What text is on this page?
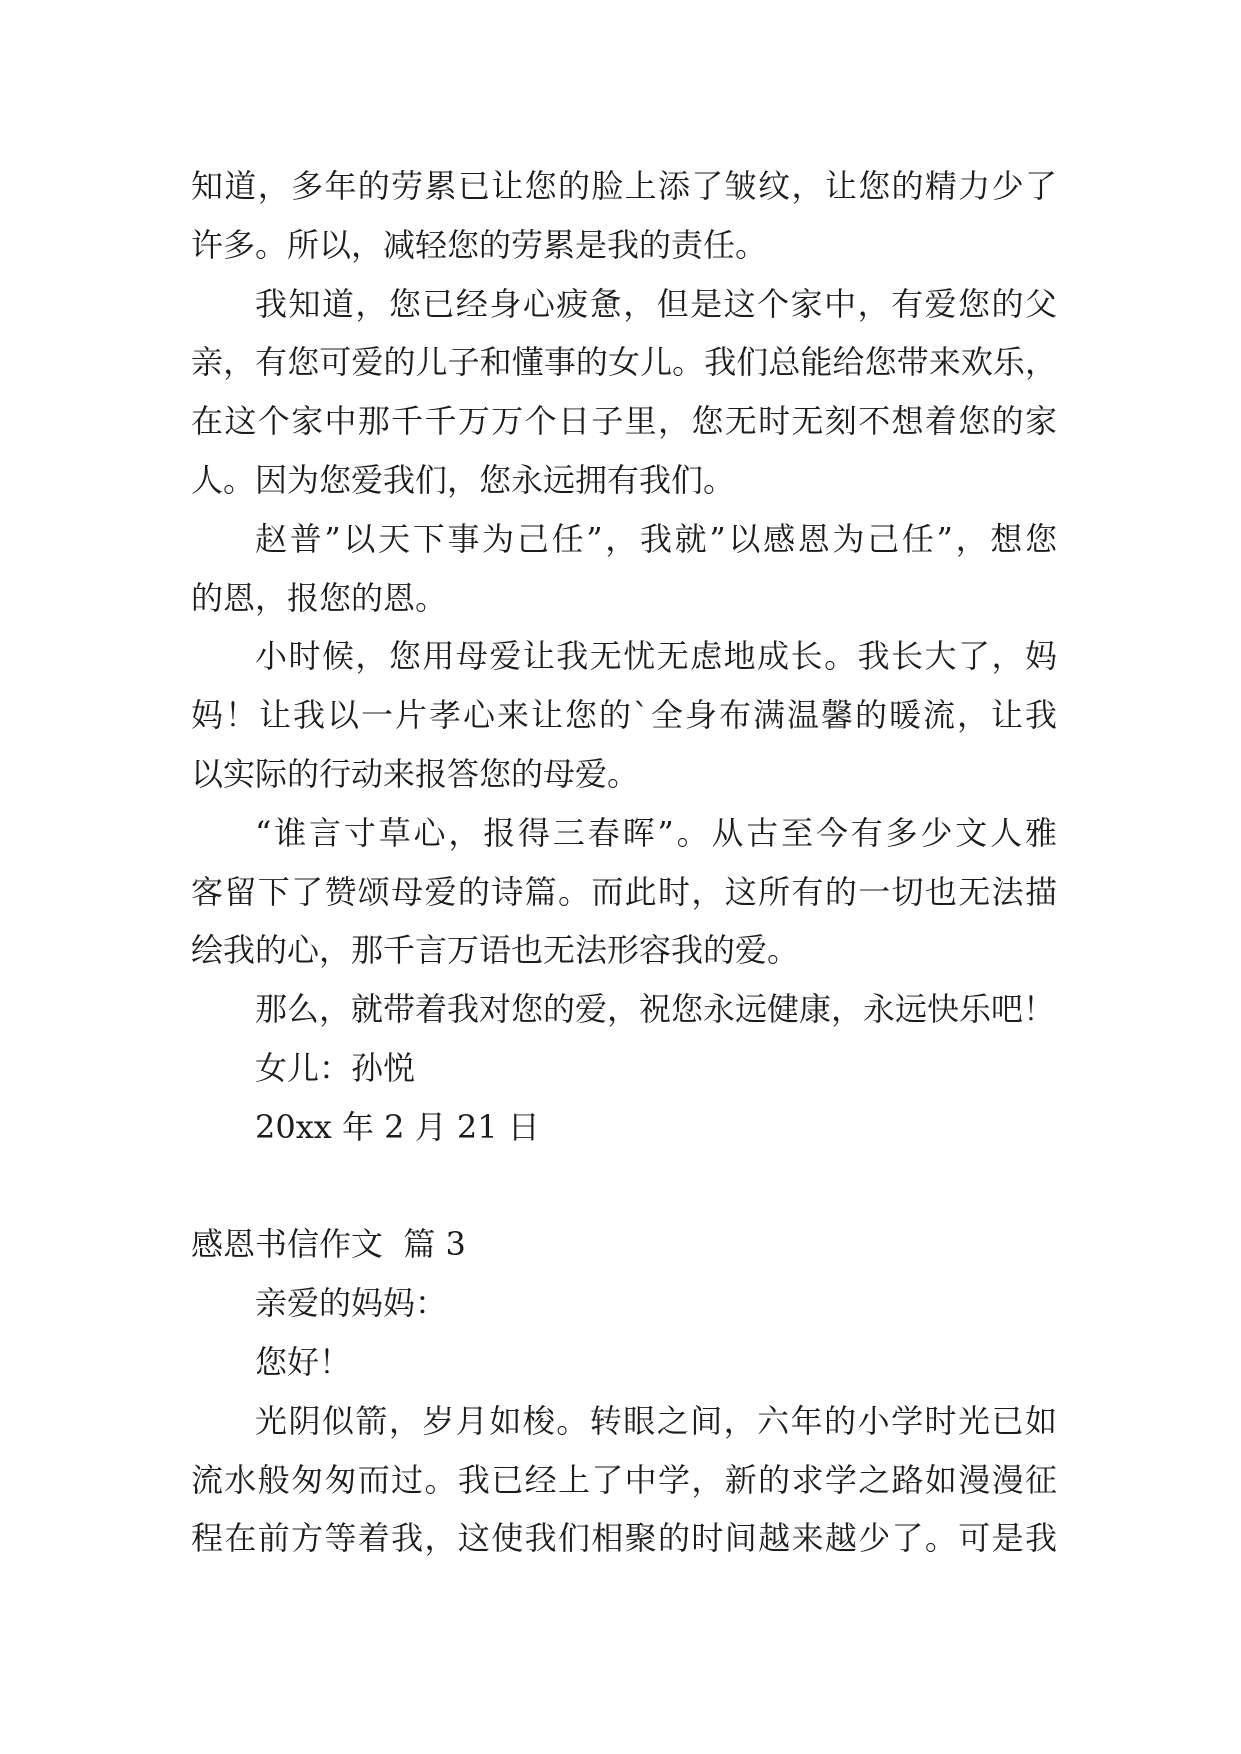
知道，多年的劳累已让您的脸上添了皱纹，让您的精力少了
许多。所以，减轻您的劳累是我的责任。
我知道，您已经身心疲惫，但是这个家中，有爱您的父
亲，有您可爱的儿子和懂事的女儿。我们总能给您带来欢乐，
在这个家中那千千万万个日子里，您无时无刻不想着您的家
人。因为您爱我们，您永远拥有我们。
赵普”以天下事为己任”，我就”以感恩为己任”，想您
的恩，报您的恩。
小时候，您用母爱让我无忧无虑地成长。我长大了，妈
妈！让我以一片孝心来让您的`全身布满温馨的暖流，让我
以实际的行动来报答您的母爱。
“谁言寸草心，报得三春晖”。从古至今有多少文人雅
客留下了赞颂母爱的诗篇。而此时，这所有的一切也无法描
绘我的心，那千言万语也无法形容我的爱。
那么，就带着我对您的爱，祝您永远健康，永远快乐吧！
女儿：孙悦
20xx 年 2 月 21 日
感恩书信作文  篇 3
亲爱的妈妈：
您好！
光阴似箭，岁月如梭。转眼之间，六年的小学时光已如
流水般匆匆而过。我已经上了中学，新的求学之路如漫漫征
程在前方等着我，这使我们相聚的时间越来越少了。可是我
